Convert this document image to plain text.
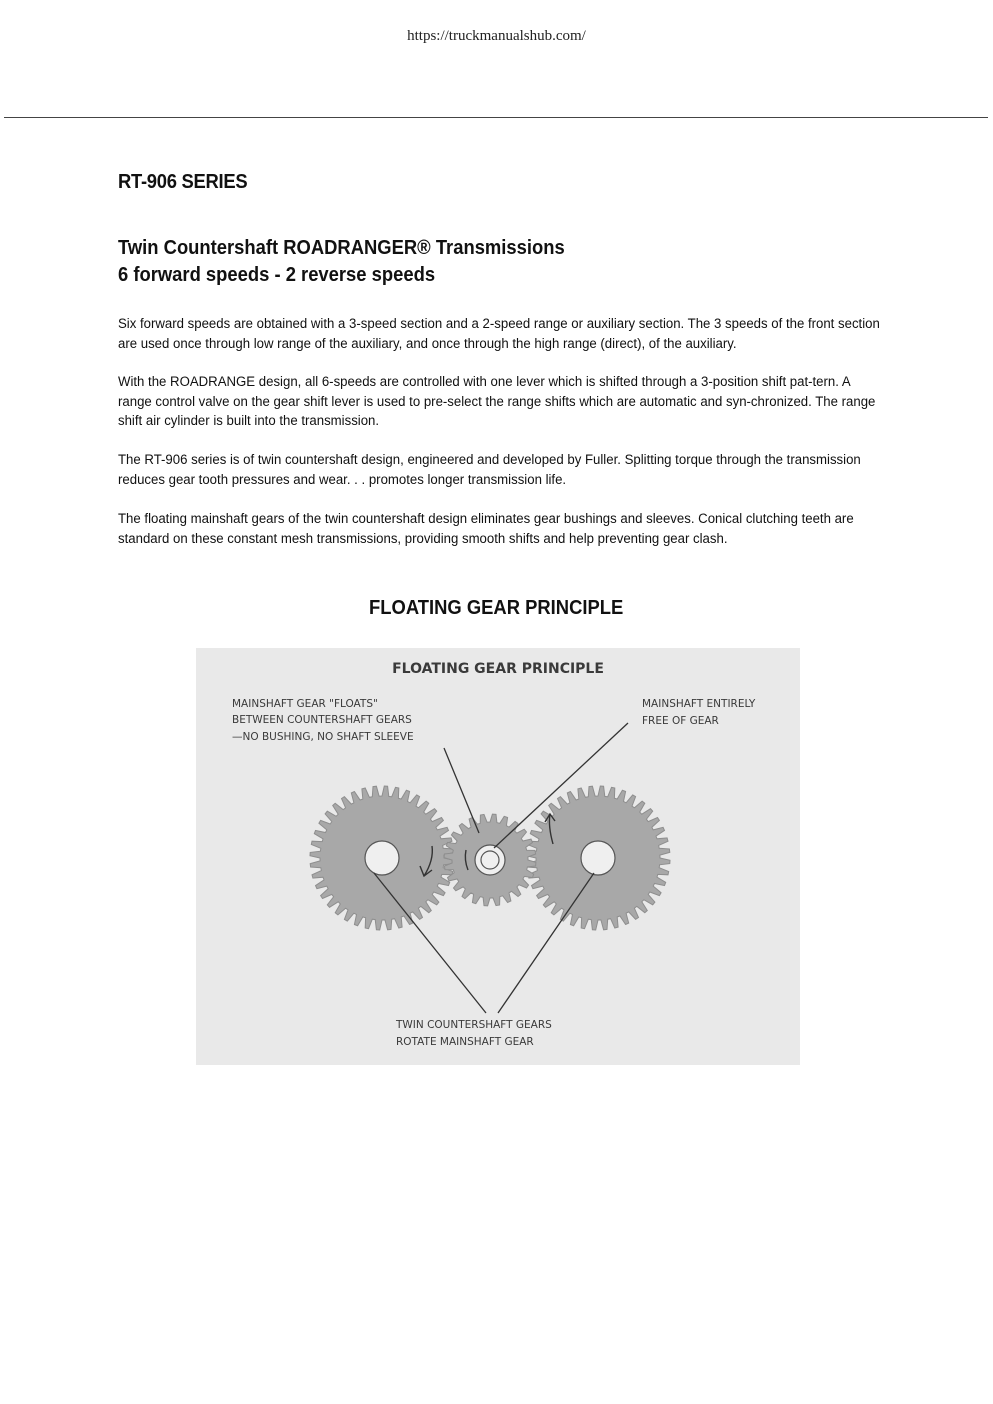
https://truckmanualshub.com/
RT-906 SERIES
Twin Countershaft ROADRANGER® Transmissions
6 forward speeds - 2 reverse speeds
Six forward speeds are obtained with a 3-speed section and a 2-speed range or auxiliary section. The 3 speeds of the front section are used once through low range of the auxiliary, and once through the high range (direct), of the auxiliary.
With the ROADRANGE design, all 6-speeds are controlled with one lever which is shifted through a 3-position shift pat-tern. A range control valve on the gear shift lever is used to pre-select the range shifts which are automatic and syn-chronized. The range shift air cylinder is built into the transmission.
The RT-906 series is of twin countershaft design, engineered and developed by Fuller. Splitting torque through the transmission reduces gear tooth pressures and wear. . . promotes longer transmission life.
The floating mainshaft gears of the twin countershaft design eliminates gear bushings and sleeves. Conical clutching teeth are standard on these constant mesh transmissions, providing smooth shifts and help preventing gear clash.
FLOATING GEAR PRINCIPLE
FLOATING GEAR PRINCIPLE
MAINSHAFT GEAR "FLOATS"
BETWEEN COUNTERSHAFT GEARS
—NO BUSHING, NO SHAFT SLEEVE
MAINSHAFT ENTIRELY
FREE OF GEAR
TWIN COUNTERSHAFT GEARS
ROTATE MAINSHAFT GEAR
